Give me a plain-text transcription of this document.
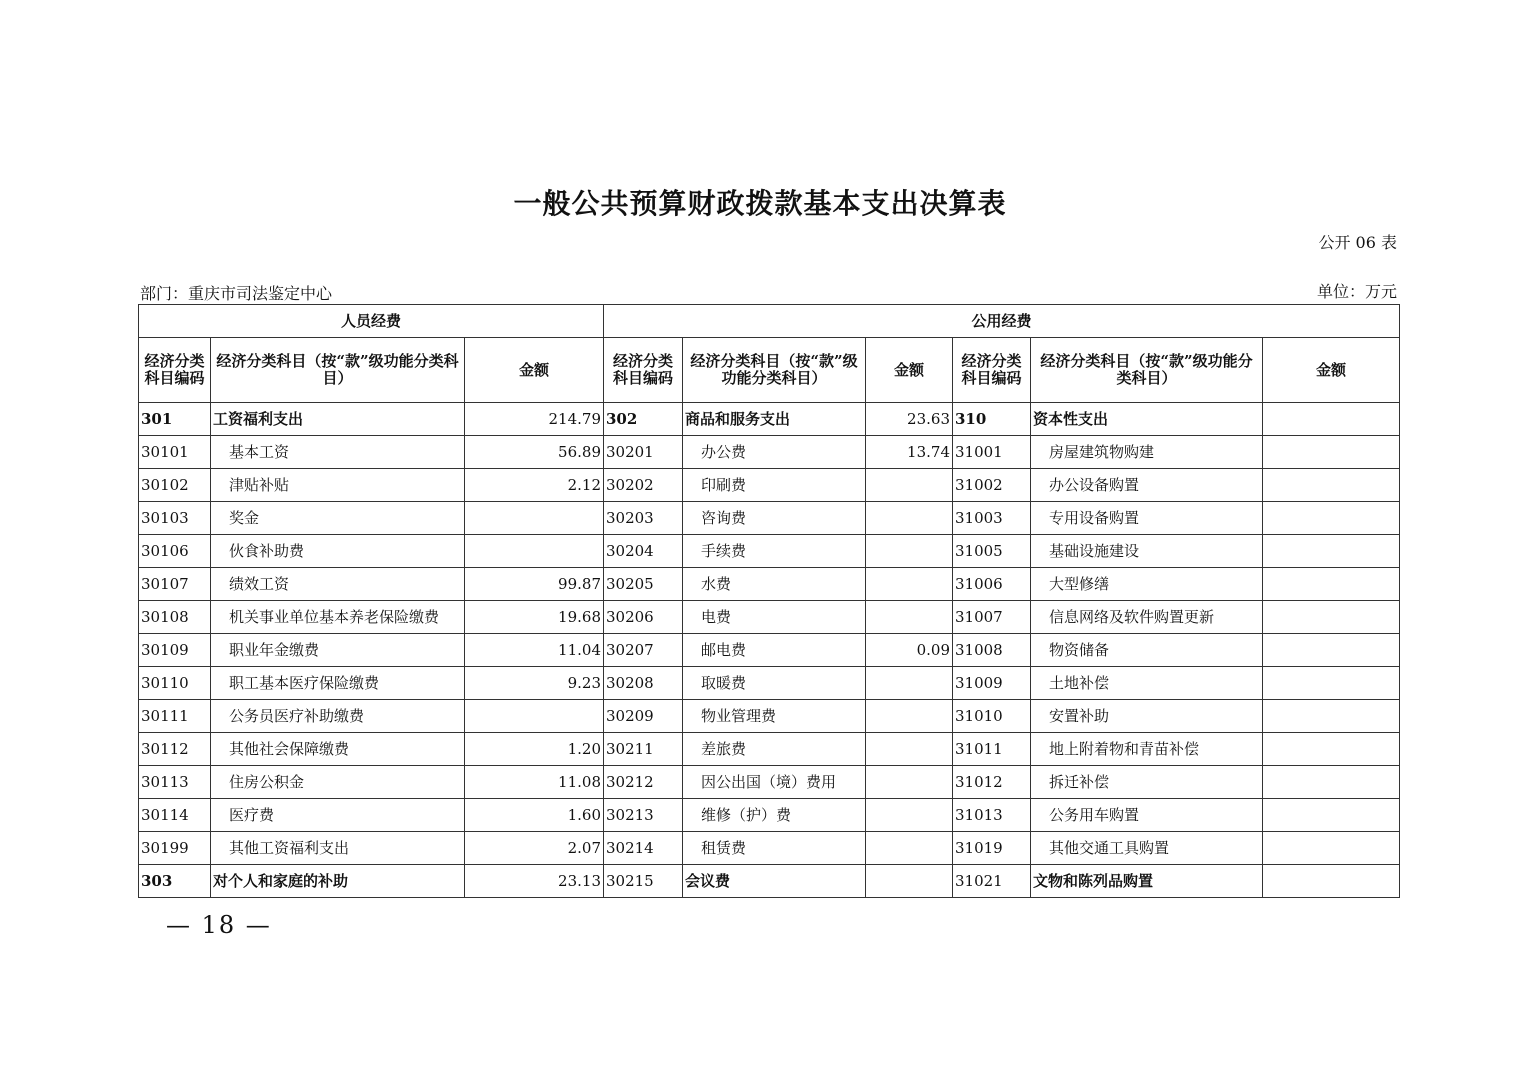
一般公共预算财政拨款基本支出决算表
公开 06 表
部门：重庆市司法鉴定中心	单位：万元
人员经费			公用经费					
经济分类科目编码	经济分类科目（按“款”级功能分类科目）	金额	经济分类科目编码	经济分类科目（按“款”级功能分类科目）	金额	经济分类科目编码	经济分类科目（按“款”级功能分类科目）	金额
301	工资福利支出	214.79	302	商品和服务支出	23.63	310	资本性支出	
30101	基本工资	56.89	30201	办公费	13.74	31001	房屋建筑物购建	
30102	津贴补贴	2.12	30202	印刷费		31002	办公设备购置	
30103	奖金		30203	咨询费		31003	专用设备购置	
30106	伙食补助费		30204	手续费		31005	基础设施建设	
30107	绩效工资	99.87	30205	水费		31006	大型修缮	
30108	机关事业单位基本养老保险缴费	19.68	30206	电费		31007	信息网络及软件购置更新	
30109	职业年金缴费	11.04	30207	邮电费	0.09	31008	物资储备	
30110	职工基本医疗保险缴费	9.23	30208	取暖费		31009	土地补偿	
30111	公务员医疗补助缴费		30209	物业管理费		31010	安置补助	
30112	其他社会保障缴费	1.20	30211	差旅费		31011	地上附着物和青苗补偿	
30113	住房公积金	11.08	30212	因公出国（境）费用		31012	拆迁补偿	
30114	医疗费	1.60	30213	维修（护）费		31013	公务用车购置	
30199	其他工资福利支出	2.07	30214	租赁费		31019	其他交通工具购置	
303	对个人和家庭的补助	23.13	30215	会议费		31021	文物和陈列品购置	
— 18 —
